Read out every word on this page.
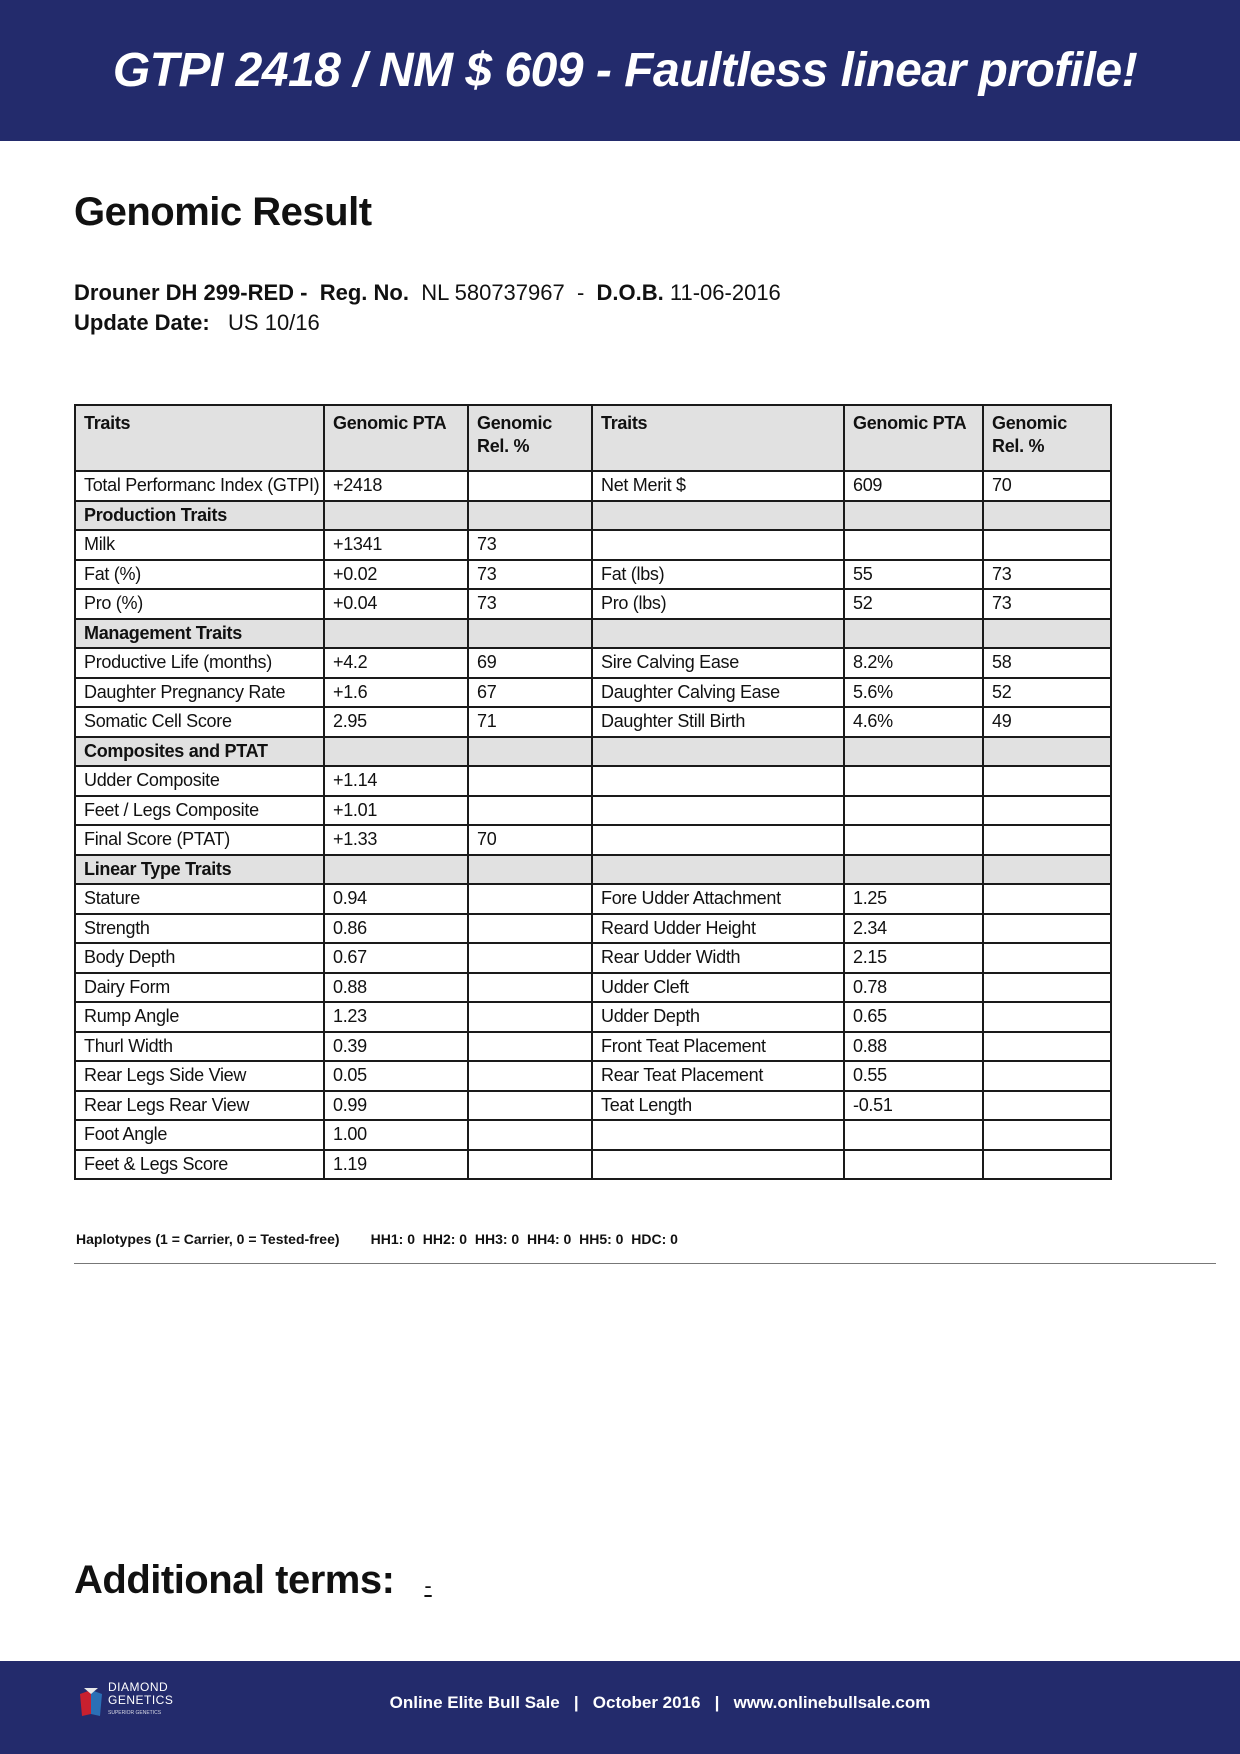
GTPI 2418 / NM $ 609 - Faultless linear profile!
Genomic Result
Drouner DH 299-RED - Reg. No. NL 580737967 - D.O.B. 11-06-2016
Update Date: US 10/16
Traits	Genomic PTA	Genomic Rel. %	Traits	Genomic PTA	Genomic Rel. %
Total Performanc Index (GTPI)	+2418		Net Merit $	609	70
Production Traits					
Milk	+1341	73			
Fat (%)	+0.02	73	Fat (lbs)	55	73
Pro (%)	+0.04	73	Pro (lbs)	52	73
Management Traits					
Productive Life (months)	+4.2	69	Sire Calving Ease	8.2%	58
Daughter Pregnancy Rate	+1.6	67	Daughter Calving Ease	5.6%	52
Somatic Cell Score	2.95	71	Daughter Still Birth	4.6%	49
Composites and PTAT					
Udder Composite	+1.14				
Feet / Legs Composite	+1.01				
Final Score (PTAT)	+1.33	70			
Linear Type Traits					
Stature	0.94		Fore Udder Attachment	1.25	
Strength	0.86		Reard Udder Height	2.34	
Body Depth	0.67		Rear Udder Width	2.15	
Dairy Form	0.88		Udder Cleft	0.78	
Rump Angle	1.23		Udder Depth	0.65	
Thurl Width	0.39		Front Teat Placement	0.88	
Rear Legs Side View	0.05		Rear Teat Placement	0.55	
Rear Legs Rear View	0.99		Teat Length	-0.51	
Foot Angle	1.00				
Feet & Legs Score	1.19				
Haplotypes (1 = Carrier, 0 = Tested-free)        HH1: 0  HH2: 0  HH3: 0  HH4: 0  HH5: 0  HDC: 0
Additional terms: -
DIAMOND
GENETICS
SUPERIOR GENETICS
Online Elite Bull Sale   |   October 2016   |   www.onlinebullsale.com
